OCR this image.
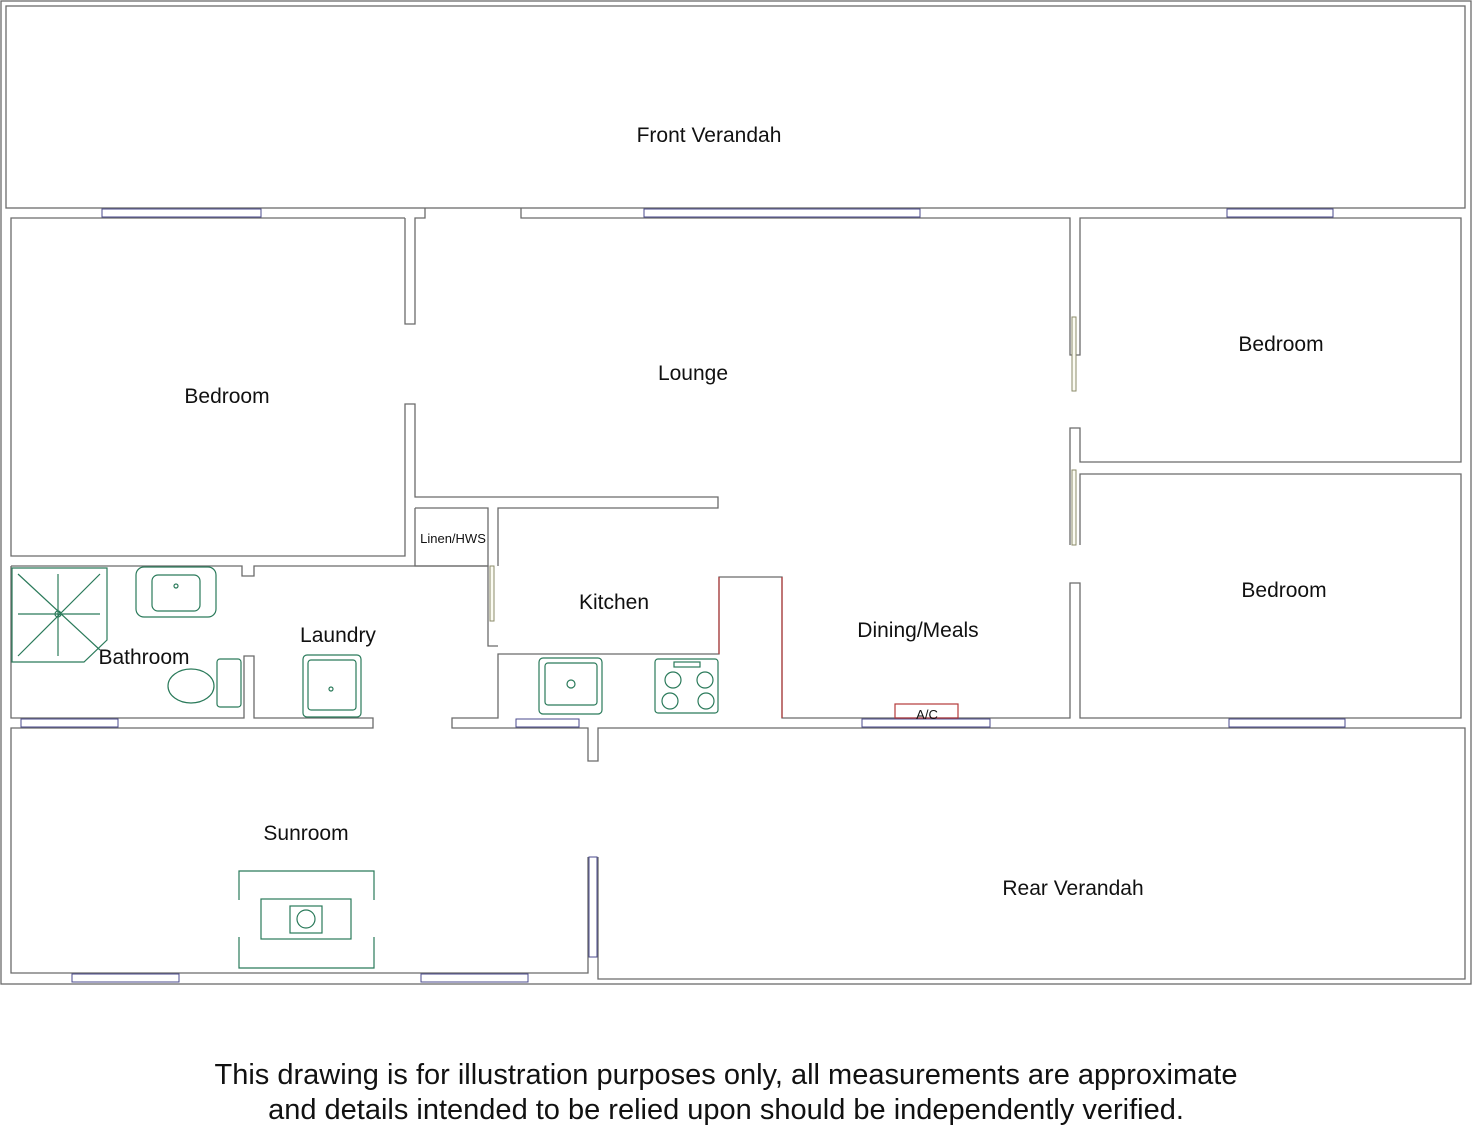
Front Verandah
Bedroom
Lounge
Bedroom
Bedroom
Linen/HWS
Kitchen
Laundry
Bathroom
Dining/Meals
A/C
Sunroom
Rear Verandah
This drawing is for illustration purposes only, all measurements are approximate
and details intended to be relied upon should be independently verified.
